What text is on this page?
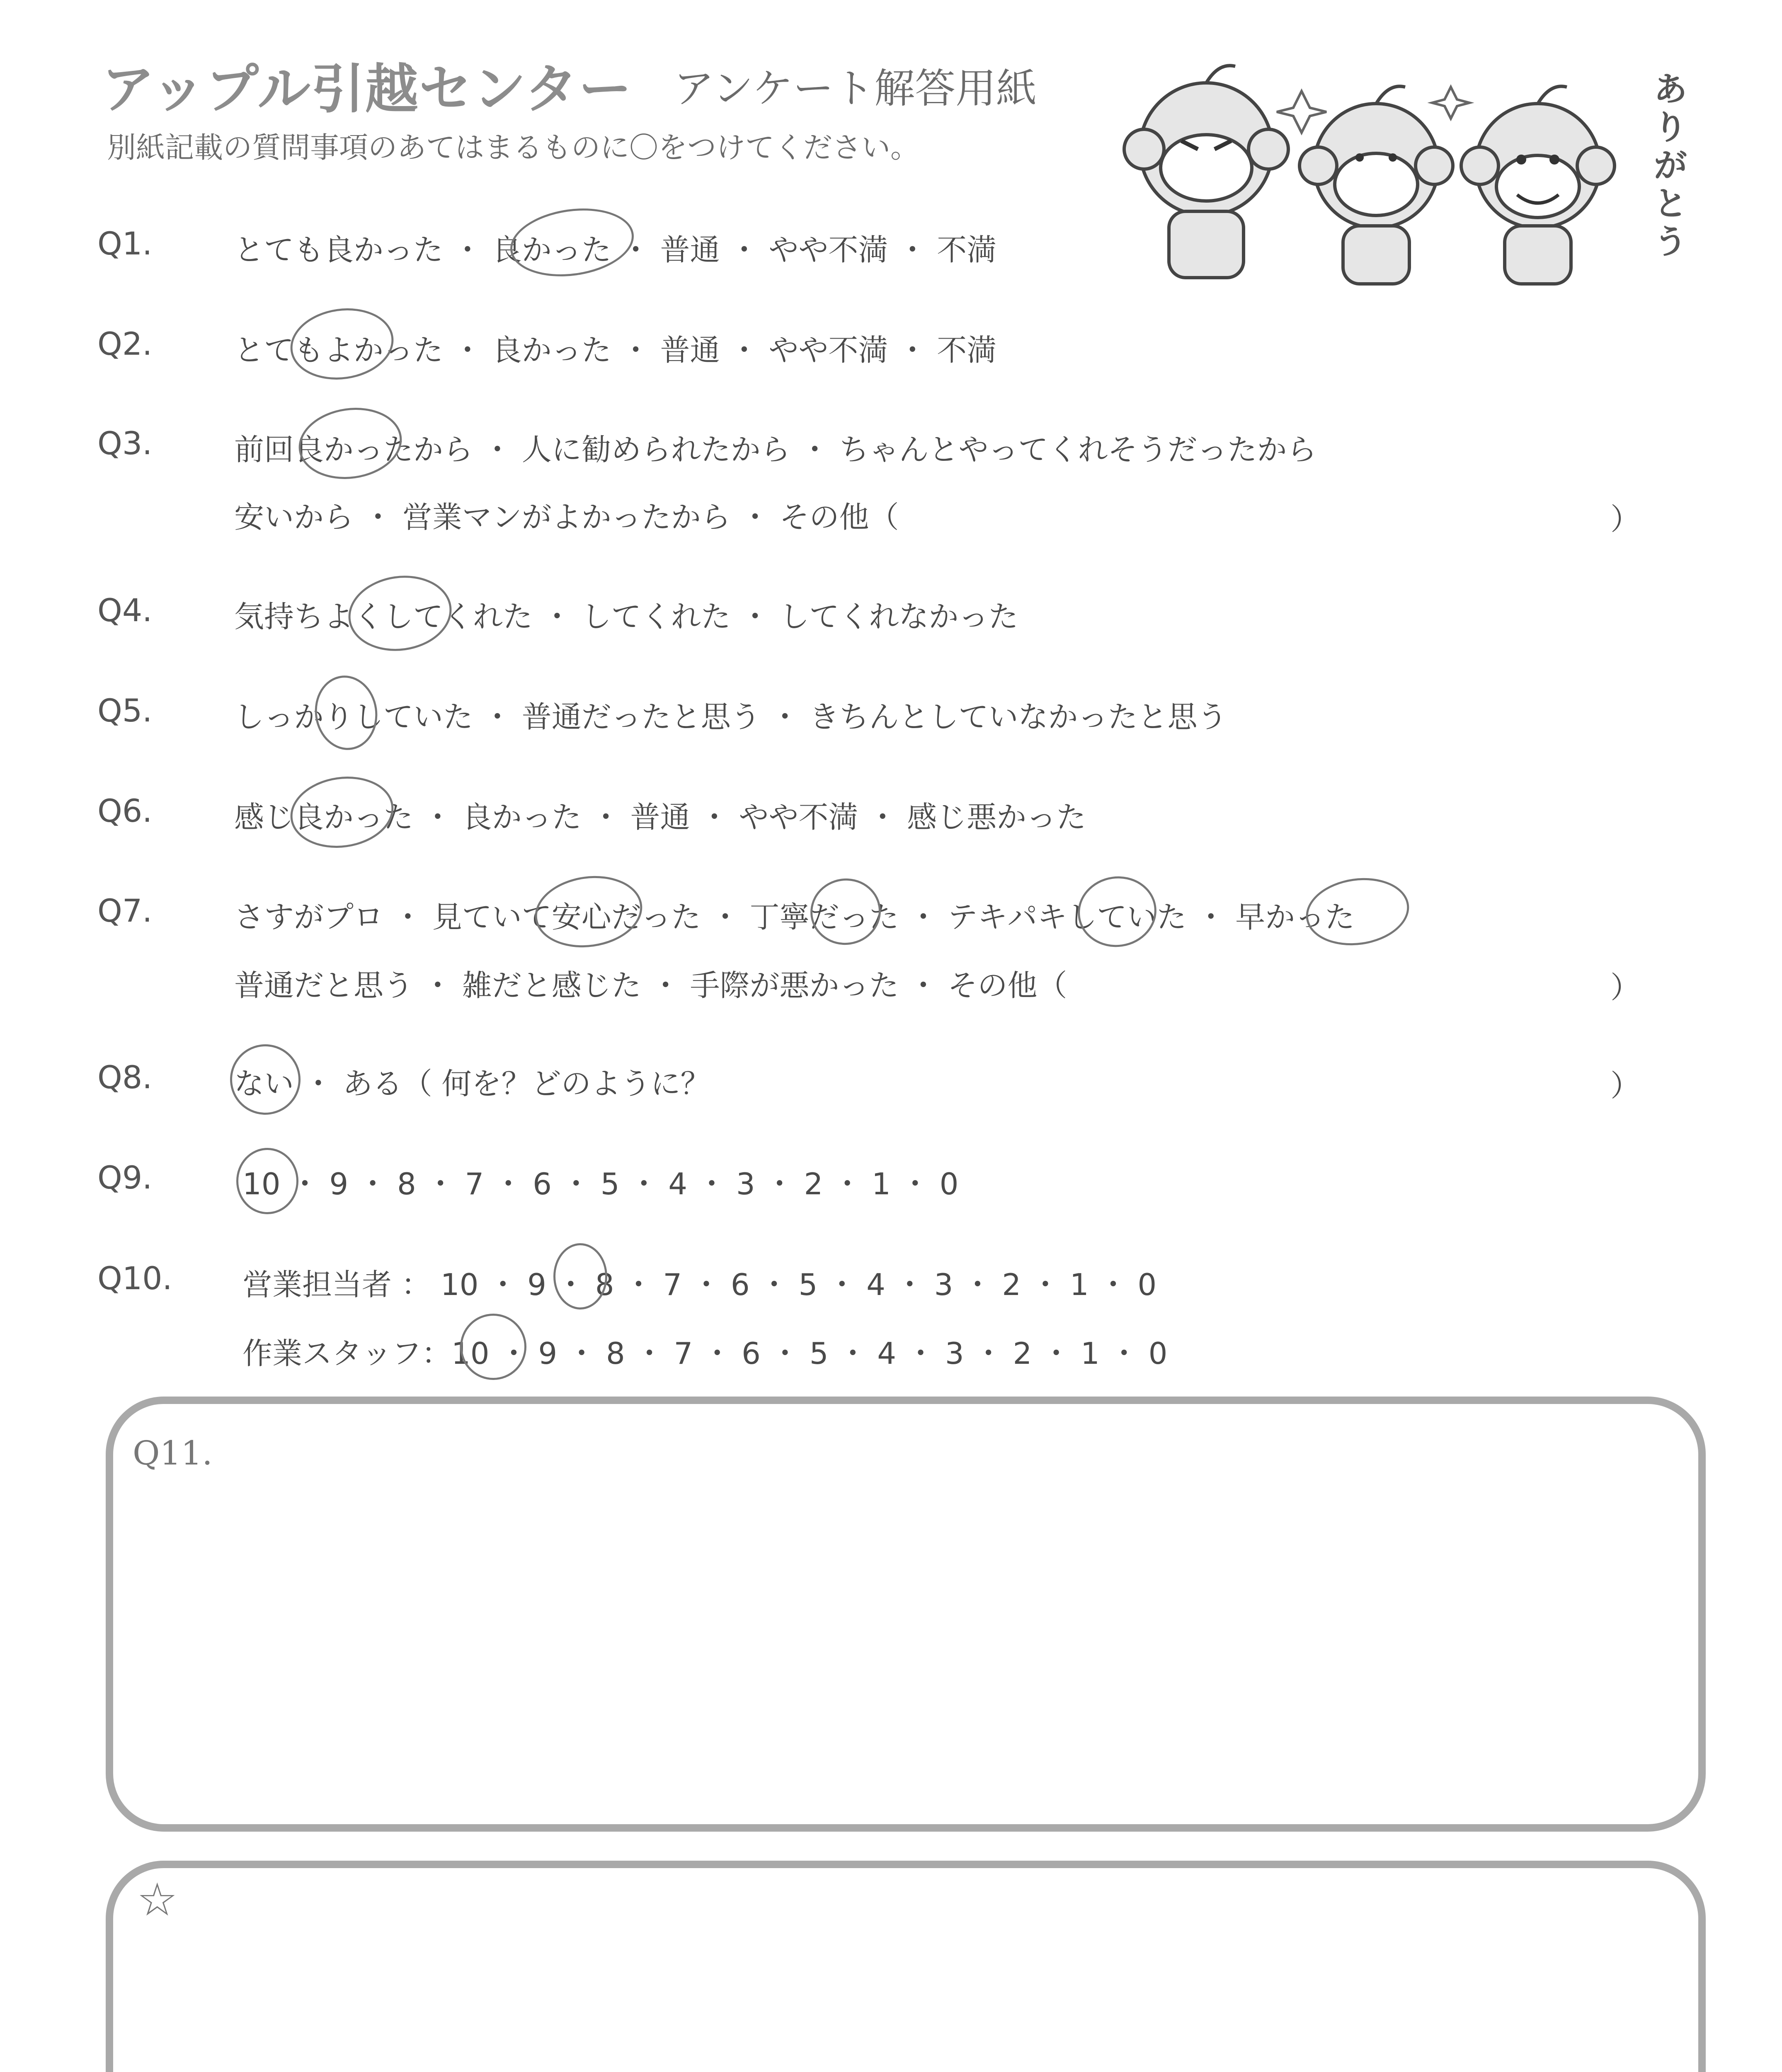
アップル引越センター アンケート解答用紙
別紙記載の質問事項のあてはまるものに〇をつけてください。
ありがとう
Q1.	とても良かった ・ 良かった ・ 普通 ・ やや不満 ・ 不満
Q2.	とてもよかった ・ 良かった ・ 普通 ・ やや不満 ・ 不満
Q3.	前回良かったから ・ 人に勧められたから ・ ちゃんとやってくれそうだったから
安いから ・ 営業マンがよかったから ・ その他（	）
Q4.	気持ちよくしてくれた ・ してくれた ・ してくれなかった
Q5.	しっかりしていた ・ 普通だったと思う ・ きちんとしていなかったと思う
Q6.	感じ良かった ・ 良かった ・ 普通 ・ やや不満 ・ 感じ悪かった
Q7.	さすがプロ ・ 見ていて安心だった ・ 丁寧だった ・ テキパキしていた ・ 早かった
普通だと思う ・ 雑だと感じた ・ 手際が悪かった ・ その他（	）
Q8.	ない ・ ある（ 何を？どのように？	）
Q9.	10 ・ 9 ・ 8 ・ 7 ・ 6 ・ 5 ・ 4 ・ 3 ・ 2 ・ 1 ・ 0
Q10. 営業担当者 ： 10 ・ 9 ・ 8 ・ 7 ・ 6 ・ 5 ・ 4 ・ 3 ・ 2 ・ 1 ・ 0
作業スタッフ：10 ・ 9 ・ 8 ・ 7 ・ 6 ・ 5 ・ 4 ・ 3 ・ 2 ・ 1 ・ 0
Q11.
☆
